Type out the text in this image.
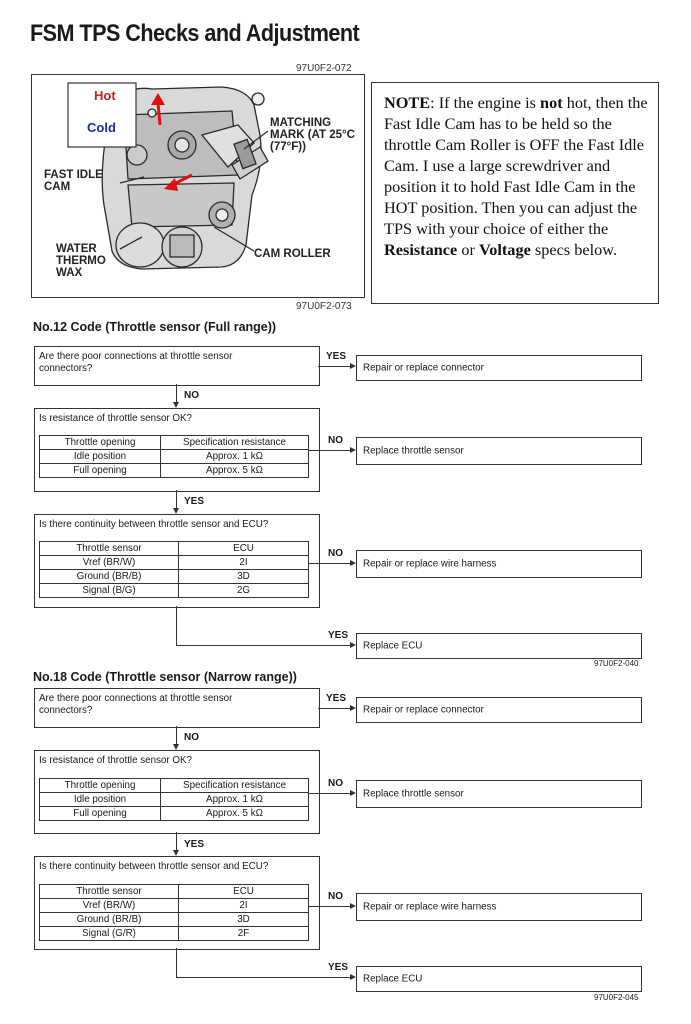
FSM TPS Checks and Adjustment
97U0F2-072
Hot
Cold	MATCHING MARK (AT 25°C (77°F))
FAST IDLE CAM
WATER THERMO WAX
CAM ROLLER
97U0F2-073
NOTE: If the engine is not hot, then the Fast Idle Cam has to be held so the throttle Cam Roller is OFF the Fast Idle Cam. I use a large screwdriver and position it to hold Fast Idle Cam in the HOT position. Then you can adjust the TPS with your choice of either the Resistance or Voltage specs below.
No.12 Code (Throttle sensor (Full range))
Are there poor connections at throttle sensor connectors?
YES
Repair or replace connector
NO
Is resistance of throttle sensor OK?
Throttle opening	Specification resistance
Idle position	Approx. 1 kΩ
Full opening	Approx. 5 kΩ
NO
Replace throttle sensor
YES
Is there continuity between throttle sensor and ECU?
Throttle sensor	ECU
Vref (BR/W)	2I
Ground (BR/B)	3D
Signal (B/G)	2G
NO
Repair or replace wire harness
YES
Replace ECU
97U0F2-040
No.18 Code (Throttle sensor (Narrow range))
Are there poor connections at throttle sensor connectors?
YES
Repair or replace connector
NO
Is resistance of throttle sensor OK?
Throttle opening	Specification resistance
Idle position	Approx. 1 kΩ
Full opening	Approx. 5 kΩ
NO
Replace throttle sensor
YES
Is there continuity between throttle sensor and ECU?
Throttle sensor	ECU
Vref (BR/W)	2I
Ground (BR/B)	3D
Signal (G/R)	2F
NO
Repair or replace wire harness
YES
Replace ECU
97U0F2-045
